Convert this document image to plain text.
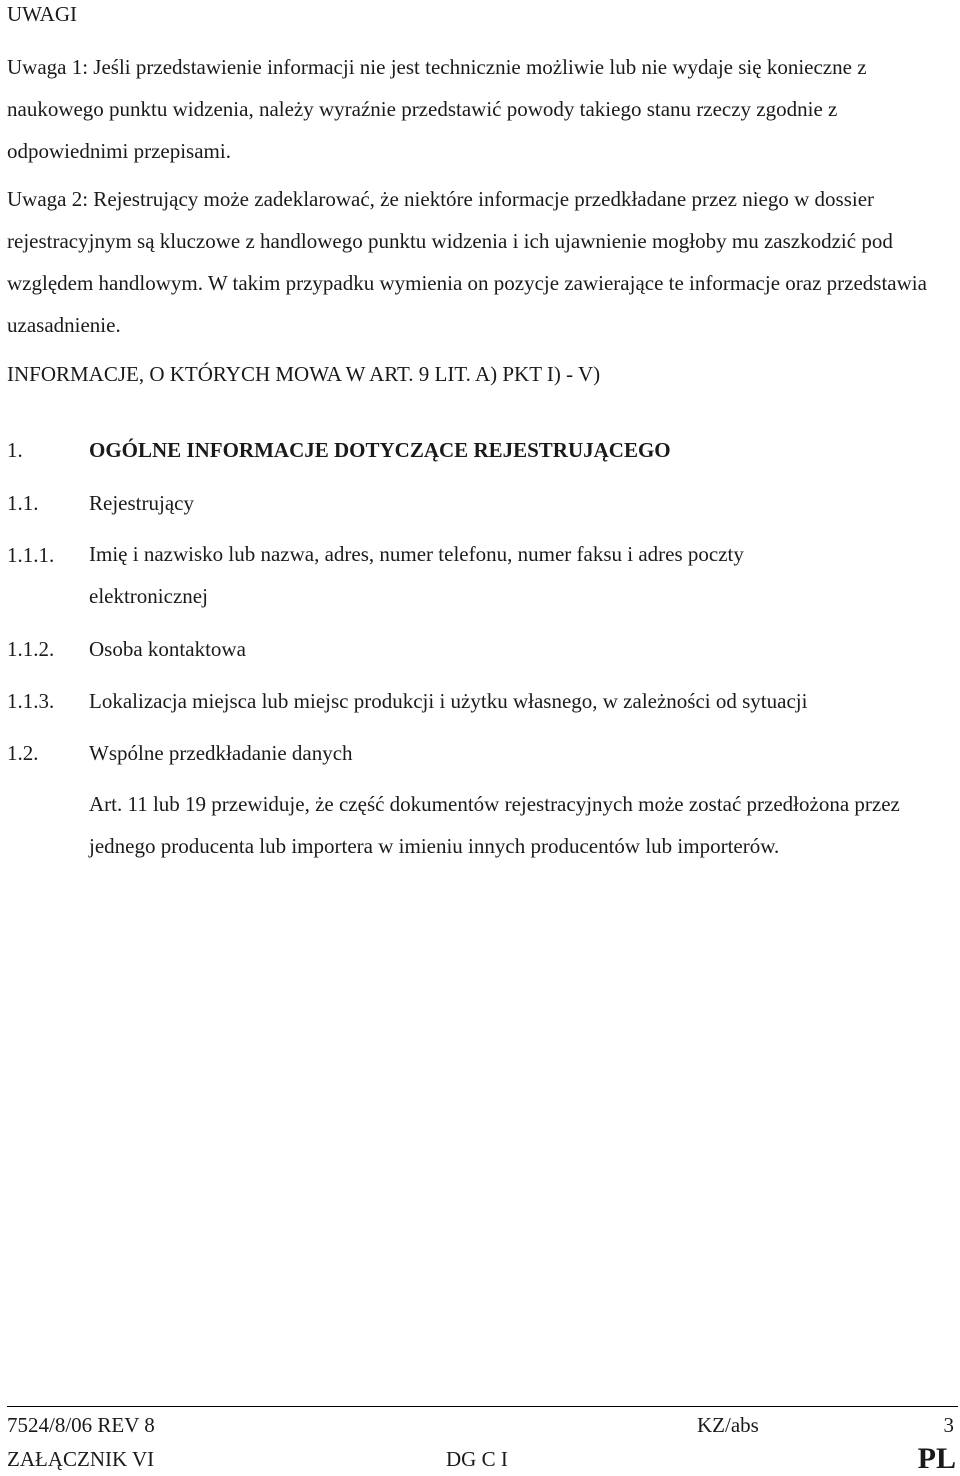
UWAGI
Uwaga 1: Jeśli przedstawienie informacji nie jest technicznie możliwie lub nie wydaje się konieczne z naukowego punktu widzenia, należy wyraźnie przedstawić powody takiego stanu rzeczy zgodnie z odpowiednimi przepisami.
Uwaga 2: Rejestrujący może zadeklarować, że niektóre informacje przedkładane przez niego w dossier rejestracyjnym są kluczowe z handlowego punktu widzenia i ich ujawnienie mogłoby mu zaszkodzić pod względem handlowym. W takim przypadku wymienia on pozycje zawierające te informacje oraz przedstawia uzasadnienie.
INFORMACJE, O KTÓRYCH MOWA W ART. 9 LIT. A) PKT I) - V)
1.	OGÓLNE INFORMACJE DOTYCZĄCE REJESTRUJĄCEGO
1.1. Rejestrujący
1.1.1. Imię i nazwisko lub nazwa, adres, numer telefonu, numer faksu i adres poczty elektronicznej
1.1.2. Osoba kontaktowa
1.1.3. Lokalizacja miejsca lub miejsc produkcji i użytku własnego, w zależności od sytuacji
1.2. Wspólne przedkładanie danych
Art. 11 lub 19 przewiduje, że część dokumentów rejestracyjnych może zostać przedłożona przez jednego producenta lub importera w imieniu innych producentów lub importerów.
7524/8/06 REV 8	KZ/abs	3
ZAŁĄCZNIK VI	DG C I	PL
